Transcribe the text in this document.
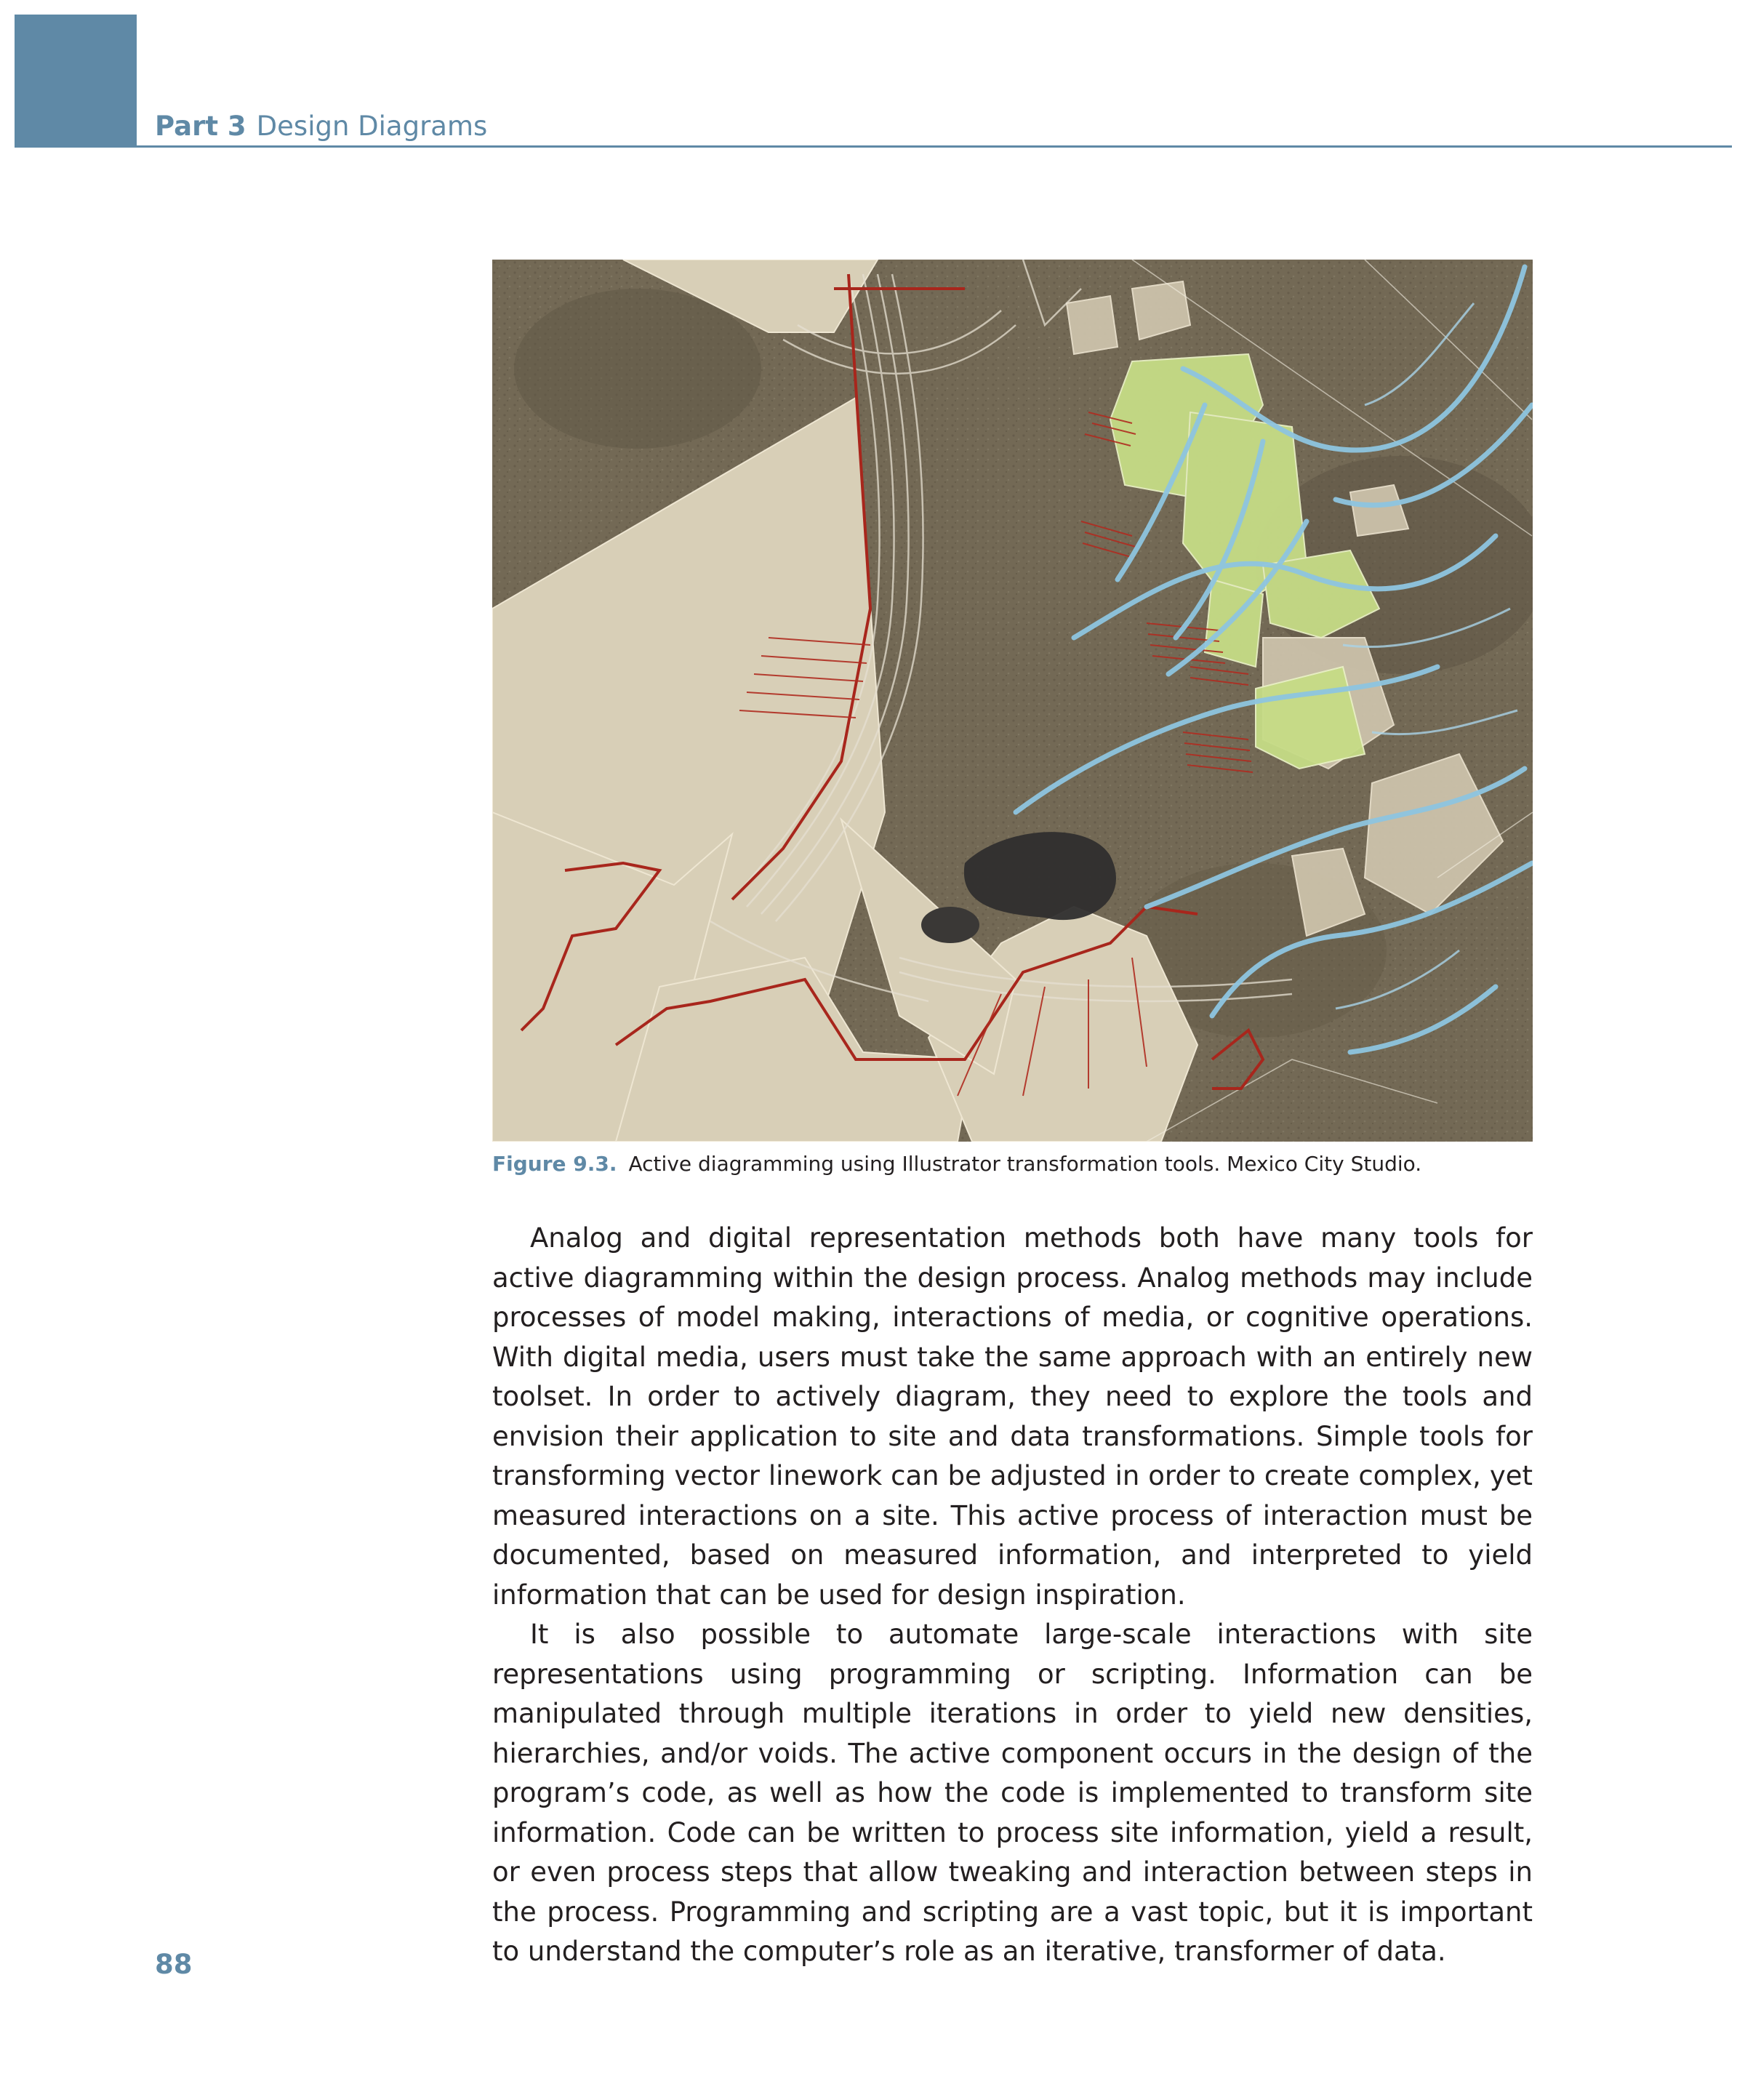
Part 3 Design Diagrams
Figure 9.3. Active diagramming using Illustrator transformation tools. Mexico City Studio.

Analog and digital representation methods both have many tools for active diagramming within the design process. Analog methods may include processes of model making, interactions of media, or cognitive operations. With digital media, users must take the same approach with an entirely new toolset. In order to actively diagram, they need to explore the tools and envision their application to site and data transformations. Simple tools for transforming vector linework can be adjusted in order to create complex, yet measured interactions on a site. This active process of interaction must be documented, based on measured information, and interpreted to yield information that can be used for design inspiration.

It is also possible to automate large-scale interactions with site representations using programming or scripting. Information can be manipulated through multiple iterations in order to yield new densities, hierarchies, and/or voids. The active component occurs in the design of the program’s code, as well as how the code is implemented to transform site information. Code can be written to process site information, yield a result, or even process steps that allow tweaking and interaction between steps in the process. Programming and scripting are a vast topic, but it is important to understand the computer’s role as an iterative, transformer of data.

88
